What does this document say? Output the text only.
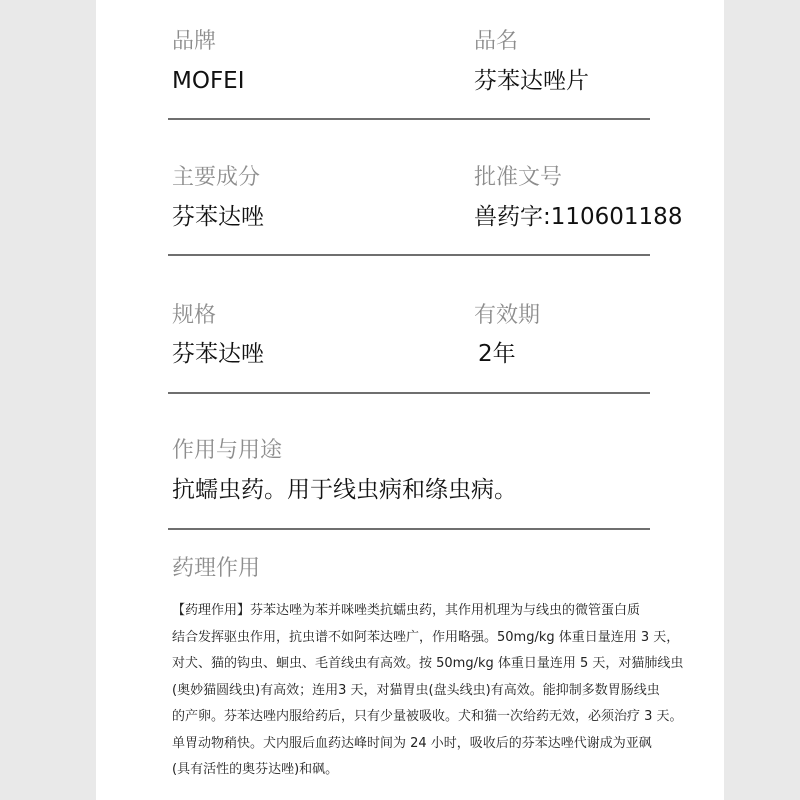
品牌
MOFEI
品名
芬苯达唑片
主要成分
芬苯达唑
批准文号
兽药字:110601188
规格
芬苯达唑
有效期
2年
作用与用途
抗蠕虫药。用于线虫病和绦虫病。
药理作用

【药理作用】芬苯达唑为苯并咪唑类抗蠕虫药，其作用机理为与线虫的微管蛋白质

结合发挥驱虫作用，抗虫谱不如阿苯达唑广，作用略强。50mg/kg 体重日量连用 3 天，

对犬、猫的钩虫、蛔虫、毛首线虫有高效。按 50mg/kg 体重日量连用 5 天，对猫肺线虫

(奥妙猫圆线虫)有高效；连用3 天，对猫胃虫(盘头线虫)有高效。能抑制多数胃肠线虫

的产卵。芬苯达唑内服给药后，只有少量被吸收。犬和猫一次给药无效，必须治疗 3 天。

单胃动物稍快。犬内服后血药达峰时间为 24 小时，吸收后的芬苯达唑代谢成为亚砜

(具有活性的奥芬达唑)和砜。
